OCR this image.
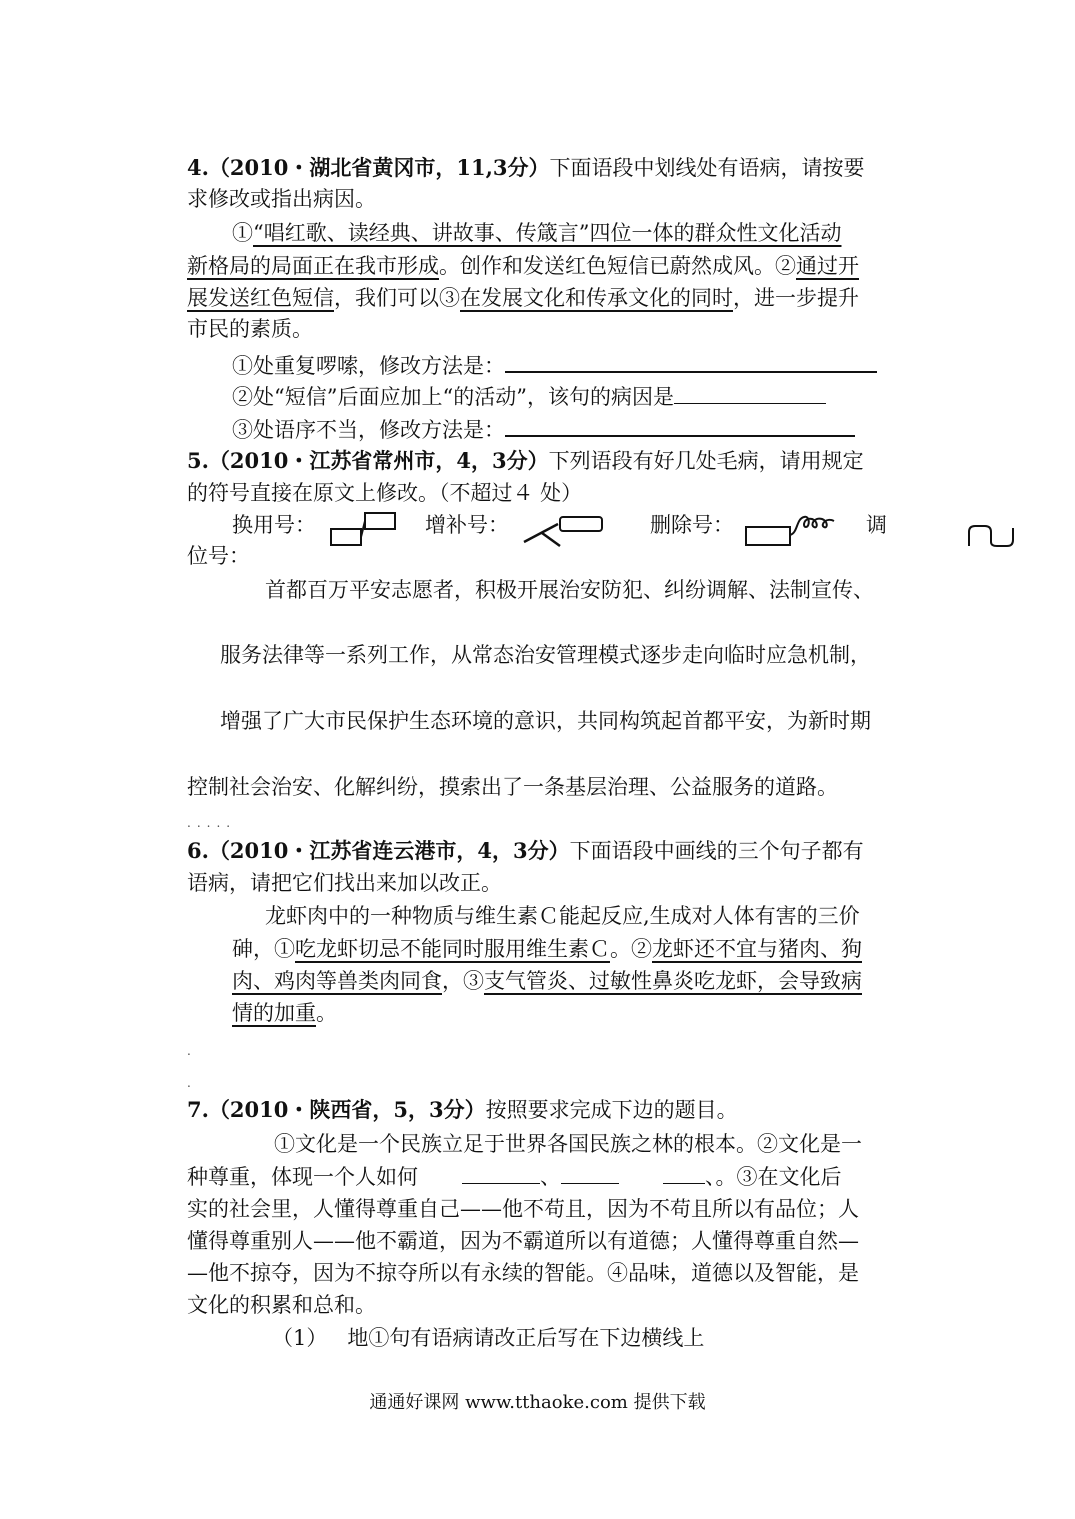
4.（2010・湖北省黄冈市，11,3分）下面语段中划线处有语病，请按要
求修改或指出病因。
①“唱红歌、读经典、讲故事、传箴言”四位一体的群众性文化活动
新格局的局面正在我市形成。创作和发送红色短信已蔚然成风。②通过开
展发送红色短信，我们可以③在发展文化和传承文化的同时，进一步提升
市民的素质。
①处重复啰嗦，修改方法是：
②处“短信”后面应加上“的活动”，该句的病因是
③处语序不当，修改方法是：
5.（2010・江苏省常州市，4，3分）下列语段有好几处毛病，请用规定
的符号直接在原文上修改。（不超过４ 处）
换用号：	增补号：	删除号：	调
位号：
首都百万平安志愿者，积极开展治安防犯、纠纷调解、法制宣传、
服务法律等一系列工作，从常态治安管理模式逐步走向临时应急机制，
增强了广大市民保护生态环境的意识，共同构筑起首都平安，为新时期
控制社会治安、化解纠纷，摸索出了一条基层治理、公益服务的道路。
.....
6.（2010・江苏省连云港市，4，3分）下面语段中画线的三个句子都有
语病，请把它们找出来加以改正。
龙虾肉中的一种物质与维生素Ｃ能起反应,生成对人体有害的三价
砷，①吃龙虾切忌不能同时服用维生素Ｃ。②龙虾还不宜与猪肉、狗
肉、鸡肉等兽类肉同食，③支气管炎、过敏性鼻炎吃龙虾，会导致病
情的加重。
.
.
7.（2010・陕西省，5，3分）按照要求完成下边的题目。
①文化是一个民族立足于世界各国民族之林的根本。②文化是一
种尊重，体现一个人如何	、	、。③在文化后
实的社会里，人懂得尊重自己——他不苟且，因为不苟且所以有品位；人
懂得尊重别人——他不霸道，因为不霸道所以有道德；人懂得尊重自然—
—他不掠夺，因为不掠夺所以有永续的智能。④品味，道德以及智能，是
文化的积累和总和。
（1） 地①句有语病请改正后写在下边横线上
通通好课网 www.tthaoke.com 提供下载
